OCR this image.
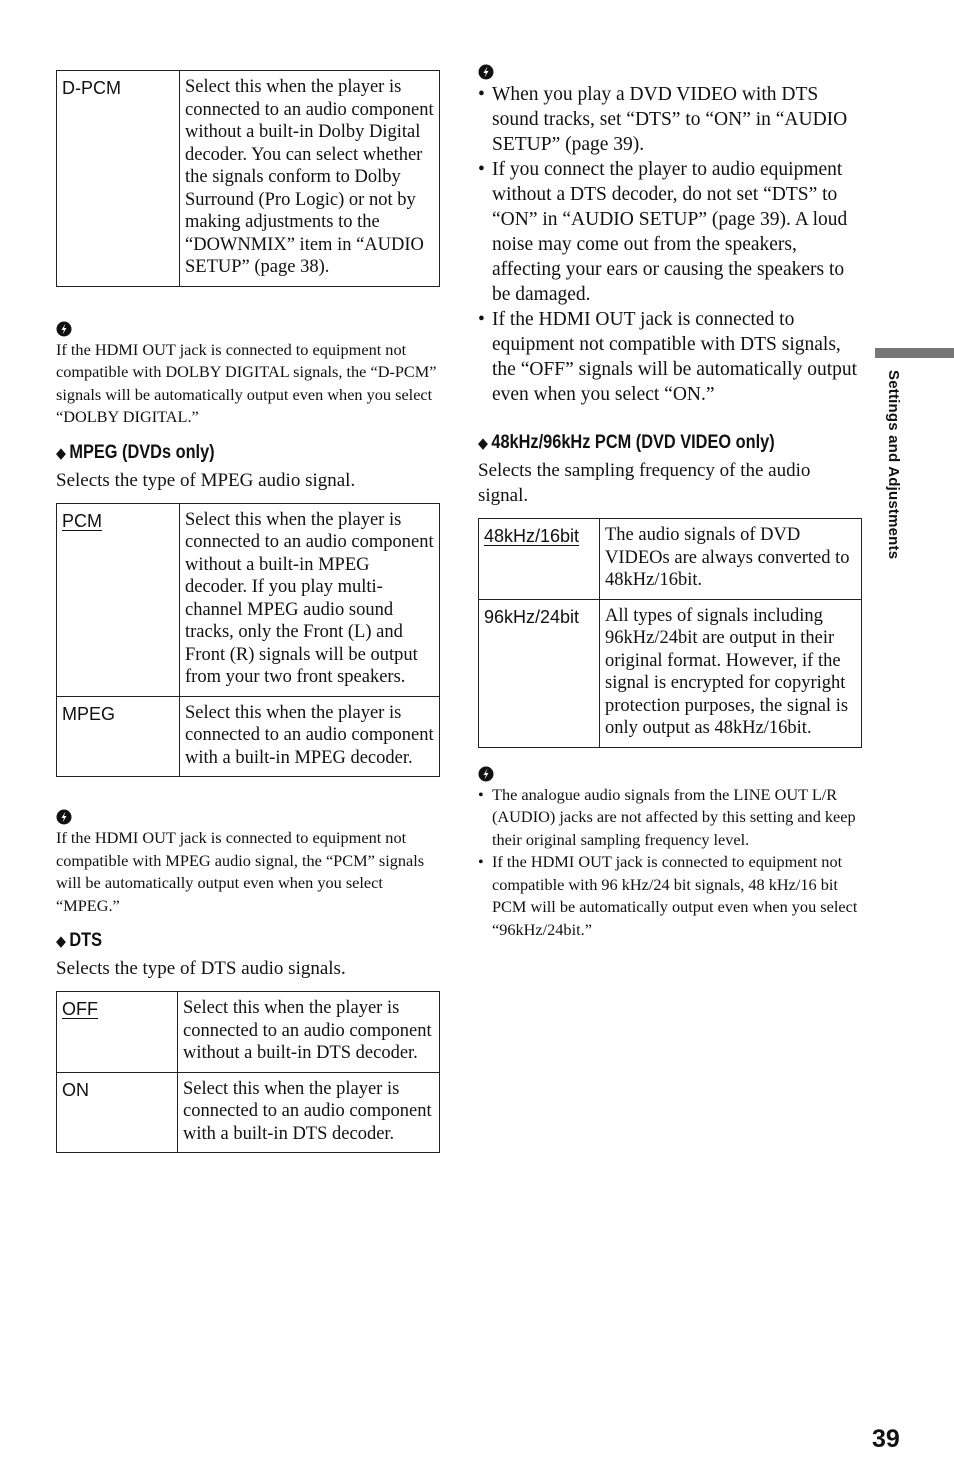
D-PCM	Select this when the player is connected to an audio component without a built-in Dolby Digital decoder. You can select whether the signals conform to Dolby Surround (Pro Logic) or not by making adjustments to the “DOWNMIX” item in “AUDIO SETUP” (page 38).

If the HDMI OUT jack is connected to equipment not compatible with DOLBY DIGITAL signals, the “D-PCM” signals will be automatically output even when you select “DOLBY DIGITAL.”

◆ MPEG (DVDs only)

Selects the type of MPEG audio signal.

PCM	Select this when the player is connected to an audio component without a built-in MPEG decoder. If you play multi-channel MPEG audio sound tracks, only the Front (L) and Front (R) signals will be output from your two front speakers.
MPEG	Select this when the player is connected to an audio component with a built-in MPEG decoder.

If the HDMI OUT jack is connected to equipment not compatible with MPEG audio signal, the “PCM” signals will be automatically output even when you select “MPEG.”

◆ DTS

Selects the type of DTS audio signals.

OFF	Select this when the player is connected to an audio component without a built-in DTS decoder.
ON	Select this when the player is connected to an audio component with a built-in DTS decoder.
• When you play a DVD VIDEO with DTS sound tracks, set “DTS” to “ON” in “AUDIO SETUP” (page 39).
• If you connect the player to audio equipment without a DTS decoder, do not set “DTS” to “ON” in “AUDIO SETUP” (page 39). A loud noise may come out from the speakers, affecting your ears or causing the speakers to be damaged.
• If the HDMI OUT jack is connected to equipment not compatible with DTS signals, the “OFF” signals will be automatically output even when you select “ON.”
◆ 48kHz/96kHz PCM (DVD VIDEO only)

Selects the sampling frequency of the audio signal.

48kHz/16bit	The audio signals of DVD VIDEOs are always converted to 48kHz/16bit.
96kHz/24bit	All types of signals including 96kHz/24bit are output in their original format. However, if the signal is encrypted for copyright protection purposes, the signal is only output as 48kHz/16bit.
• The analogue audio signals from the LINE OUT L/R (AUDIO) jacks are not affected by this setting and keep their original sampling frequency level.
• If the HDMI OUT jack is connected to equipment not compatible with 96 kHz/24 bit signals, 48 kHz/16 bit PCM will be automatically output even when you select “96kHz/24bit.”
Settings and Adjustments
39
